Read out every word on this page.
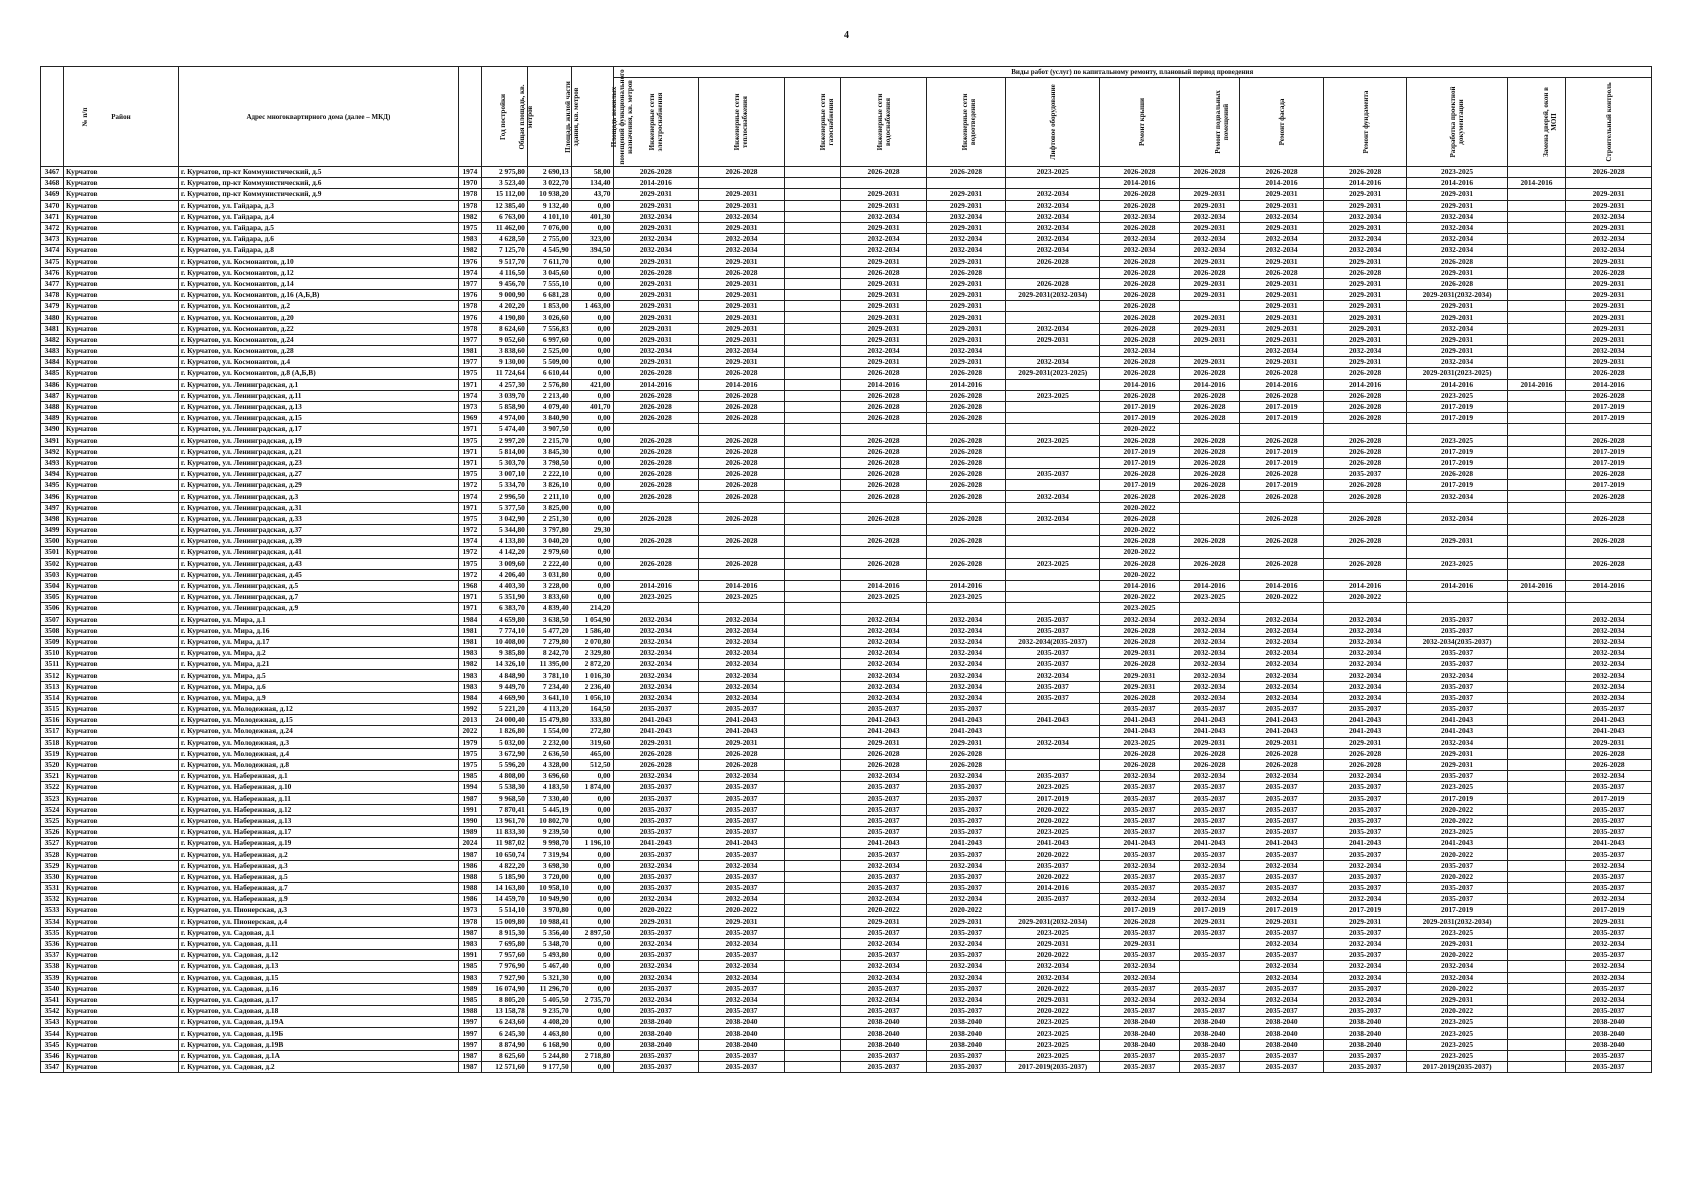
4
№ п/п	Район	Адрес многоквартирного дома (далее – МКД)	Год постройки	Общая площадь, кв. метров	Площадь жилой части здания, кв. метров	Площадь нежилых помещений функционального назначения, кв. метров	Виды работ (услуг) по капитальному ремонту, плановый период проведения												
							Инженерные сети электроснабжения	Инженерные сети теплоснабжения	Инженерные сети газоснабжения	Инженерные сети водоснабжения	Инженерные сети водоотведения	Лифтовое оборудование	Ремонт крыши	Ремонт подвальных помещений	Ремонт фасада	Ремонт фундамента	Разработка проектной документации	Замена дверей, окон в МОП	Строительный контроль
3467	Курчатов	г. Курчатов, пр-кт Коммунистический, д.5	1974	2 975,80	2 690,13	58,00	2026-2028	2026-2028		2026-2028	2026-2028	2023-2025	2026-2028	2026-2028	2026-2028	2026-2028	2023-2025		2026-2028
3468	Курчатов	г. Курчатов, пр-кт Коммунистический, д.6	1970	3 523,40	3 022,70	134,40	2014-2016						2014-2016		2014-2016	2014-2016	2014-2016	2014-2016	
3469	Курчатов	г. Курчатов, пр-кт Коммунистический, д.9	1978	15 112,00	10 938,20	43,70	2029-2031	2029-2031		2029-2031	2029-2031	2032-2034	2026-2028	2029-2031	2029-2031	2029-2031	2029-2031		2029-2031
3470	Курчатов	г. Курчатов, ул. Гайдара, д.3	1978	12 385,40	9 132,40	0,00	2029-2031	2029-2031		2029-2031	2029-2031	2032-2034	2026-2028	2029-2031	2029-2031	2029-2031	2029-2031		2029-2031
3471	Курчатов	г. Курчатов, ул. Гайдара, д.4	1982	6 763,00	4 101,10	401,30	2032-2034	2032-2034		2032-2034	2032-2034	2032-2034	2032-2034	2032-2034	2032-2034	2032-2034	2032-2034		2032-2034
3472	Курчатов	г. Курчатов, ул. Гайдара, д.5	1975	11 462,00	7 076,00	0,00	2029-2031	2029-2031		2029-2031	2029-2031	2032-2034	2026-2028	2029-2031	2029-2031	2029-2031	2032-2034		2029-2031
3473	Курчатов	г. Курчатов, ул. Гайдара, д.6	1983	4 628,50	2 755,00	323,00	2032-2034	2032-2034		2032-2034	2032-2034	2032-2034	2032-2034	2032-2034	2032-2034	2032-2034	2032-2034		2032-2034
3474	Курчатов	г. Курчатов, ул. Гайдара, д.8	1982	7 125,70	4 545,90	394,50	2032-2034	2032-2034		2032-2034	2032-2034	2032-2034	2032-2034	2032-2034	2032-2034	2032-2034	2032-2034		2032-2034
3475	Курчатов	г. Курчатов, ул. Космонавтов, д.10	1976	9 517,70	7 611,70	0,00	2029-2031	2029-2031		2029-2031	2029-2031	2026-2028	2026-2028	2029-2031	2029-2031	2029-2031	2026-2028		2029-2031
3476	Курчатов	г. Курчатов, ул. Космонавтов, д.12	1974	4 116,50	3 045,60	0,00	2026-2028	2026-2028		2026-2028	2026-2028		2026-2028	2026-2028	2026-2028	2026-2028	2029-2031		2026-2028
3477	Курчатов	г. Курчатов, ул. Космонавтов, д.14	1977	9 456,70	7 555,10	0,00	2029-2031	2029-2031		2029-2031	2029-2031	2026-2028	2026-2028	2029-2031	2029-2031	2029-2031	2026-2028		2029-2031
3478	Курчатов	г. Курчатов, ул. Космонавтов, д.16 (А,Б,В)	1976	9 000,90	6 681,28	0,00	2029-2031	2029-2031		2029-2031	2029-2031	2029-2031(2032-2034)	2026-2028	2029-2031	2029-2031	2029-2031	2029-2031(2032-2034)		2029-2031
3479	Курчатов	г. Курчатов, ул. Космонавтов, д.2	1978	4 202,20	1 853,00	1 463,00	2029-2031	2029-2031		2029-2031	2029-2031		2026-2028		2029-2031	2029-2031	2029-2031		2029-2031
3480	Курчатов	г. Курчатов, ул. Космонавтов, д.20	1976	4 190,80	3 026,60	0,00	2029-2031	2029-2031		2029-2031	2029-2031		2026-2028	2029-2031	2029-2031	2029-2031	2029-2031		2029-2031
3481	Курчатов	г. Курчатов, ул. Космонавтов, д.22	1978	8 624,60	7 556,83	0,00	2029-2031	2029-2031		2029-2031	2029-2031	2032-2034	2026-2028	2029-2031	2029-2031	2029-2031	2032-2034		2029-2031
3482	Курчатов	г. Курчатов, ул. Космонавтов, д.24	1977	9 052,60	6 997,60	0,00	2029-2031	2029-2031		2029-2031	2029-2031	2029-2031	2026-2028	2029-2031	2029-2031	2029-2031	2029-2031		2029-2031
3483	Курчатов	г. Курчатов, ул. Космонавтов, д.28	1981	3 838,60	2 525,00	0,00	2032-2034	2032-2034		2032-2034	2032-2034		2032-2034		2032-2034	2032-2034	2029-2031		2032-2034
3484	Курчатов	г. Курчатов, ул. Космонавтов, д.4	1977	9 130,00	5 509,00	0,00	2029-2031	2029-2031		2029-2031	2029-2031	2032-2034	2026-2028	2029-2031	2029-2031	2029-2031	2032-2034		2029-2031
3485	Курчатов	г. Курчатов, ул. Космонавтов, д.8 (А,Б,В)	1975	11 724,64	6 610,44	0,00	2026-2028	2026-2028		2026-2028	2026-2028	2029-2031(2023-2025)	2026-2028	2026-2028	2026-2028	2026-2028	2029-2031(2023-2025)		2026-2028
3486	Курчатов	г. Курчатов, ул. Ленинградская, д.1	1971	4 257,30	2 576,80	421,00	2014-2016	2014-2016		2014-2016	2014-2016		2014-2016	2014-2016	2014-2016	2014-2016	2014-2016	2014-2016	2014-2016
3487	Курчатов	г. Курчатов, ул. Ленинградская, д.11	1974	3 039,70	2 213,40	0,00	2026-2028	2026-2028		2026-2028	2026-2028	2023-2025	2026-2028	2026-2028	2026-2028	2026-2028	2023-2025		2026-2028
3488	Курчатов	г. Курчатов, ул. Ленинградская, д.13	1973	5 858,90	4 079,40	401,70	2026-2028	2026-2028		2026-2028	2026-2028		2017-2019	2026-2028	2017-2019	2026-2028	2017-2019		2017-2019
3489	Курчатов	г. Курчатов, ул. Ленинградская, д.15	1969	4 974,00	3 840,90	0,00	2026-2028	2026-2028		2026-2028	2026-2028		2017-2019	2026-2028	2017-2019	2026-2028	2017-2019		2017-2019
3490	Курчатов	г. Курчатов, ул. Ленинградская, д.17	1971	5 474,40	3 907,50	0,00							2020-2022						
3491	Курчатов	г. Курчатов, ул. Ленинградская, д.19	1975	2 997,20	2 215,70	0,00	2026-2028	2026-2028		2026-2028	2026-2028	2023-2025	2026-2028	2026-2028	2026-2028	2026-2028	2023-2025		2026-2028
3492	Курчатов	г. Курчатов, ул. Ленинградская, д.21	1971	5 814,00	3 845,30	0,00	2026-2028	2026-2028		2026-2028	2026-2028		2017-2019	2026-2028	2017-2019	2026-2028	2017-2019		2017-2019
3493	Курчатов	г. Курчатов, ул. Ленинградская, д.23	1971	5 303,70	3 798,50	0,00	2026-2028	2026-2028		2026-2028	2026-2028		2017-2019	2026-2028	2017-2019	2026-2028	2017-2019		2017-2019
3494	Курчатов	г. Курчатов, ул. Ленинградская, д.27	1975	3 007,10	2 222,10	0,00	2026-2028	2026-2028		2026-2028	2026-2028	2035-2037	2026-2028	2026-2028	2026-2028	2035-2037	2026-2028		2026-2028
3495	Курчатов	г. Курчатов, ул. Ленинградская, д.29	1972	5 334,70	3 826,10	0,00	2026-2028	2026-2028		2026-2028	2026-2028		2017-2019	2026-2028	2017-2019	2026-2028	2017-2019		2017-2019
3496	Курчатов	г. Курчатов, ул. Ленинградская, д.3	1974	2 996,50	2 211,10	0,00	2026-2028	2026-2028		2026-2028	2026-2028	2032-2034	2026-2028	2026-2028	2026-2028	2026-2028	2032-2034		2026-2028
3497	Курчатов	г. Курчатов, ул. Ленинградская, д.31	1971	5 377,50	3 825,00	0,00							2020-2022						
3498	Курчатов	г. Курчатов, ул. Ленинградская, д.33	1975	3 042,90	2 251,30	0,00	2026-2028	2026-2028		2026-2028	2026-2028	2032-2034	2026-2028		2026-2028	2026-2028	2032-2034		2026-2028
3499	Курчатов	г. Курчатов, ул. Ленинградская, д.37	1972	5 344,80	3 797,80	29,30							2020-2022						
3500	Курчатов	г. Курчатов, ул. Ленинградская, д.39	1974	4 133,80	3 040,20	0,00	2026-2028	2026-2028		2026-2028	2026-2028		2026-2028	2026-2028	2026-2028	2026-2028	2029-2031		2026-2028
3501	Курчатов	г. Курчатов, ул. Ленинградская, д.41	1972	4 142,20	2 979,60	0,00							2020-2022						
3502	Курчатов	г. Курчатов, ул. Ленинградская, д.43	1975	3 009,60	2 222,40	0,00	2026-2028	2026-2028		2026-2028	2026-2028	2023-2025	2026-2028	2026-2028	2026-2028	2026-2028	2023-2025		2026-2028
3503	Курчатов	г. Курчатов, ул. Ленинградская, д.45	1972	4 206,40	3 031,80	0,00							2020-2022						
3504	Курчатов	г. Курчатов, ул. Ленинградская, д.5	1968	4 403,30	3 228,00	0,00	2014-2016	2014-2016		2014-2016	2014-2016		2014-2016	2014-2016	2014-2016	2014-2016	2014-2016	2014-2016	2014-2016
3505	Курчатов	г. Курчатов, ул. Ленинградская, д.7	1971	5 351,90	3 833,60	0,00	2023-2025	2023-2025		2023-2025	2023-2025		2020-2022	2023-2025	2020-2022	2020-2022			
3506	Курчатов	г. Курчатов, ул. Ленинградская, д.9	1971	6 383,70	4 839,40	214,20							2023-2025						
3507	Курчатов	г. Курчатов, ул. Мира, д.1	1984	4 659,80	3 638,50	1 054,90	2032-2034	2032-2034		2032-2034	2032-2034	2035-2037	2032-2034	2032-2034	2032-2034	2032-2034	2035-2037		2032-2034
3508	Курчатов	г. Курчатов, ул. Мира, д.16	1981	7 774,10	5 477,20	1 586,40	2032-2034	2032-2034		2032-2034	2032-2034	2035-2037	2026-2028	2032-2034	2032-2034	2032-2034	2035-2037		2032-2034
3509	Курчатов	г. Курчатов, ул. Мира, д.17	1981	10 408,00	7 279,80	2 070,80	2032-2034	2032-2034		2032-2034	2032-2034	2032-2034(2035-2037)	2026-2028	2032-2034	2032-2034	2032-2034	2032-2034(2035-2037)		2032-2034
3510	Курчатов	г. Курчатов, ул. Мира, д.2	1983	9 385,80	8 242,70	2 329,80	2032-2034	2032-2034		2032-2034	2032-2034	2035-2037	2029-2031	2032-2034	2032-2034	2032-2034	2035-2037		2032-2034
3511	Курчатов	г. Курчатов, ул. Мира, д.21	1982	14 326,10	11 395,00	2 872,20	2032-2034	2032-2034		2032-2034	2032-2034	2035-2037	2026-2028	2032-2034	2032-2034	2032-2034	2035-2037		2032-2034
3512	Курчатов	г. Курчатов, ул. Мира, д.5	1983	4 848,90	3 781,10	1 016,30	2032-2034	2032-2034		2032-2034	2032-2034	2032-2034	2029-2031	2032-2034	2032-2034	2032-2034	2032-2034		2032-2034
3513	Курчатов	г. Курчатов, ул. Мира, д.6	1983	9 449,70	7 234,40	2 236,40	2032-2034	2032-2034		2032-2034	2032-2034	2035-2037	2029-2031	2032-2034	2032-2034	2032-2034	2035-2037		2032-2034
3514	Курчатов	г. Курчатов, ул. Мира, д.9	1984	4 669,90	3 641,10	1 056,10	2032-2034	2032-2034		2032-2034	2032-2034	2035-2037	2026-2028	2032-2034	2032-2034	2032-2034	2035-2037		2032-2034
3515	Курчатов	г. Курчатов, ул. Молодежная, д.12	1992	5 221,20	4 113,20	164,50	2035-2037	2035-2037		2035-2037	2035-2037		2035-2037	2035-2037	2035-2037	2035-2037	2035-2037		2035-2037
3516	Курчатов	г. Курчатов, ул. Молодежная, д.15	2013	24 000,40	15 479,80	333,80	2041-2043	2041-2043		2041-2043	2041-2043	2041-2043	2041-2043	2041-2043	2041-2043	2041-2043	2041-2043		2041-2043
3517	Курчатов	г. Курчатов, ул. Молодежная, д.24	2022	1 826,80	1 554,00	272,80	2041-2043	2041-2043		2041-2043	2041-2043		2041-2043	2041-2043	2041-2043	2041-2043	2041-2043		2041-2043
3518	Курчатов	г. Курчатов, ул. Молодежная, д.3	1979	5 032,00	2 232,00	319,60	2029-2031	2029-2031		2029-2031	2029-2031	2032-2034	2023-2025	2029-2031	2029-2031	2029-2031	2032-2034		2029-2031
3519	Курчатов	г. Курчатов, ул. Молодежная, д.4	1975	3 672,90	2 636,50	465,00	2026-2028	2026-2028		2026-2028	2026-2028		2026-2028	2026-2028	2026-2028	2026-2028	2029-2031		2026-2028
3520	Курчатов	г. Курчатов, ул. Молодежная, д.8	1975	5 596,20	4 328,00	512,50	2026-2028	2026-2028		2026-2028	2026-2028		2026-2028	2026-2028	2026-2028	2026-2028	2029-2031		2026-2028
3521	Курчатов	г. Курчатов, ул. Набережная, д.1	1985	4 808,00	3 696,60	0,00	2032-2034	2032-2034		2032-2034	2032-2034	2035-2037	2032-2034	2032-2034	2032-2034	2032-2034	2035-2037		2032-2034
3522	Курчатов	г. Курчатов, ул. Набережная, д.10	1994	5 538,30	4 183,50	1 874,00	2035-2037	2035-2037		2035-2037	2035-2037	2023-2025	2035-2037	2035-2037	2035-2037	2035-2037	2023-2025		2035-2037
3523	Курчатов	г. Курчатов, ул. Набережная, д.11	1987	9 968,50	7 330,40	0,00	2035-2037	2035-2037		2035-2037	2035-2037	2017-2019	2035-2037	2035-2037	2035-2037	2035-2037	2017-2019		2017-2019
3524	Курчатов	г. Курчатов, ул. Набережная, д.12	1991	7 870,41	5 445,19	0,00	2035-2037	2035-2037		2035-2037	2035-2037	2020-2022	2035-2037	2035-2037	2035-2037	2035-2037	2020-2022		2035-2037
3525	Курчатов	г. Курчатов, ул. Набережная, д.13	1990	13 961,70	10 802,70	0,00	2035-2037	2035-2037		2035-2037	2035-2037	2020-2022	2035-2037	2035-2037	2035-2037	2035-2037	2020-2022		2035-2037
3526	Курчатов	г. Курчатов, ул. Набережная, д.17	1989	11 833,30	9 239,50	0,00	2035-2037	2035-2037		2035-2037	2035-2037	2023-2025	2035-2037	2035-2037	2035-2037	2035-2037	2023-2025		2035-2037
3527	Курчатов	г. Курчатов, ул. Набережная, д.19	2024	11 987,02	9 998,70	1 196,10	2041-2043	2041-2043		2041-2043	2041-2043	2041-2043	2041-2043	2041-2043	2041-2043	2041-2043	2041-2043		2041-2043
3528	Курчатов	г. Курчатов, ул. Набережная, д.2	1987	10 650,74	7 319,94	0,00	2035-2037	2035-2037		2035-2037	2035-2037	2020-2022	2035-2037	2035-2037	2035-2037	2035-2037	2020-2022		2035-2037
3529	Курчатов	г. Курчатов, ул. Набережная, д.3	1986	4 822,20	3 698,30	0,00	2032-2034	2032-2034		2032-2034	2032-2034	2035-2037	2032-2034	2032-2034	2032-2034	2032-2034	2035-2037		2032-2034
3530	Курчатов	г. Курчатов, ул. Набережная, д.5	1988	5 185,90	3 720,00	0,00	2035-2037	2035-2037		2035-2037	2035-2037	2020-2022	2035-2037	2035-2037	2035-2037	2035-2037	2020-2022		2035-2037
3531	Курчатов	г. Курчатов, ул. Набережная, д.7	1988	14 163,80	10 958,10	0,00	2035-2037	2035-2037		2035-2037	2035-2037	2014-2016	2035-2037	2035-2037	2035-2037	2035-2037	2035-2037		2035-2037
3532	Курчатов	г. Курчатов, ул. Набережная, д.9	1986	14 459,70	10 949,90	0,00	2032-2034	2032-2034		2032-2034	2032-2034	2035-2037	2032-2034	2032-2034	2032-2034	2032-2034	2035-2037		2032-2034
3533	Курчатов	г. Курчатов, ул. Пионерская, д.3	1973	5 514,10	3 970,80	0,00	2020-2022	2020-2022		2020-2022	2020-2022		2017-2019	2017-2019	2017-2019	2017-2019	2017-2019		2017-2019
3534	Курчатов	г. Курчатов, ул. Пионерская, д.4	1978	15 009,80	10 988,41	0,00	2029-2031	2029-2031		2029-2031	2029-2031	2029-2031(2032-2034)	2026-2028	2029-2031	2029-2031	2029-2031	2029-2031(2032-2034)		2029-2031
3535	Курчатов	г. Курчатов, ул. Садовая, д.1	1987	8 915,30	5 356,40	2 897,50	2035-2037	2035-2037		2035-2037	2035-2037	2023-2025	2035-2037	2035-2037	2035-2037	2035-2037	2023-2025		2035-2037
3536	Курчатов	г. Курчатов, ул. Садовая, д.11	1983	7 695,80	5 348,70	0,00	2032-2034	2032-2034		2032-2034	2032-2034	2029-2031	2029-2031		2032-2034	2032-2034	2029-2031		2032-2034
3537	Курчатов	г. Курчатов, ул. Садовая, д.12	1991	7 957,60	5 493,80	0,00	2035-2037	2035-2037		2035-2037	2035-2037	2020-2022	2035-2037	2035-2037	2035-2037	2035-2037	2020-2022		2035-2037
3538	Курчатов	г. Курчатов, ул. Садовая, д.13	1985	7 976,90	5 467,40	0,00	2032-2034	2032-2034		2032-2034	2032-2034	2032-2034	2032-2034		2032-2034	2032-2034	2032-2034		2032-2034
3539	Курчатов	г. Курчатов, ул. Садовая, д.15	1983	7 927,90	5 321,30	0,00	2032-2034	2032-2034		2032-2034	2032-2034	2032-2034	2032-2034		2032-2034	2032-2034	2032-2034		2032-2034
3540	Курчатов	г. Курчатов, ул. Садовая, д.16	1989	16 074,90	11 296,70	0,00	2035-2037	2035-2037		2035-2037	2035-2037	2020-2022	2035-2037	2035-2037	2035-2037	2035-2037	2020-2022		2035-2037
3541	Курчатов	г. Курчатов, ул. Садовая, д.17	1985	8 805,20	5 405,50	2 735,70	2032-2034	2032-2034		2032-2034	2032-2034	2029-2031	2032-2034	2032-2034	2032-2034	2032-2034	2029-2031		2032-2034
3542	Курчатов	г. Курчатов, ул. Садовая, д.18	1988	13 158,78	9 235,70	0,00	2035-2037	2035-2037		2035-2037	2035-2037	2020-2022	2035-2037	2035-2037	2035-2037	2035-2037	2020-2022		2035-2037
3543	Курчатов	г. Курчатов, ул. Садовая, д.19А	1997	6 243,60	4 408,20	0,00	2038-2040	2038-2040		2038-2040	2038-2040	2023-2025	2038-2040	2038-2040	2038-2040	2038-2040	2023-2025		2038-2040
3544	Курчатов	г. Курчатов, ул. Садовая, д.19Б	1997	6 245,30	4 463,80	0,00	2038-2040	2038-2040		2038-2040	2038-2040	2023-2025	2038-2040	2038-2040	2038-2040	2038-2040	2023-2025		2038-2040
3545	Курчатов	г. Курчатов, ул. Садовая, д.19В	1997	8 874,90	6 168,90	0,00	2038-2040	2038-2040		2038-2040	2038-2040	2023-2025	2038-2040	2038-2040	2038-2040	2038-2040	2023-2025		2038-2040
3546	Курчатов	г. Курчатов, ул. Садовая, д.1А	1987	8 625,60	5 244,80	2 718,80	2035-2037	2035-2037		2035-2037	2035-2037	2023-2025	2035-2037	2035-2037	2035-2037	2035-2037	2023-2025		2035-2037
3547	Курчатов	г. Курчатов, ул. Садовая, д.2	1987	12 571,60	9 177,50	0,00	2035-2037	2035-2037		2035-2037	2035-2037	2017-2019(2035-2037)	2035-2037	2035-2037	2035-2037	2035-2037	2017-2019(2035-2037)		2035-2037
